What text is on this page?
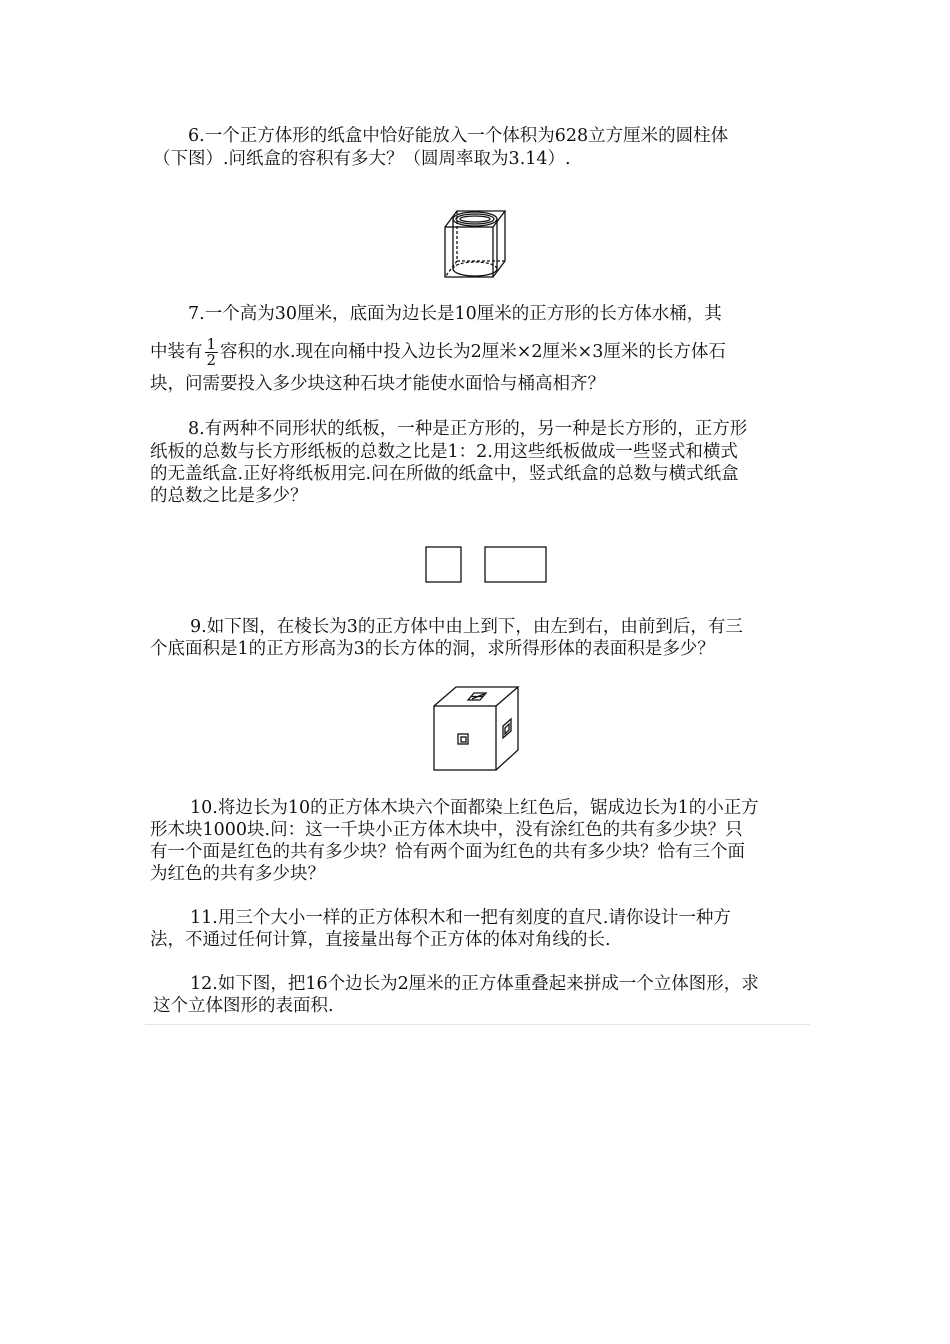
6.一个正方体形的纸盒中恰好能放入一个体积为628立方厘米的圆柱体

（下图）.问纸盒的容积有多大？（圆周率取为3.14）.

7.一个高为30厘米，底面为边长是10厘米的正方形的长方体水桶，其

中装有 $\frac{1}{2}$ 容积的水.现在向桶中投入边长为2厘米×2厘米×3厘米的长方体石

块，问需要投入多少块这种石块才能使水面恰与桶高相齐？

8.有两种不同形状的纸板，一种是正方形的，另一种是长方形的，正方形

纸板的总数与长方形纸板的总数之比是1：2.用这些纸板做成一些竖式和横式

的无盖纸盒.正好将纸板用完.问在所做的纸盒中，竖式纸盒的总数与横式纸盒

的总数之比是多少？

9.如下图，在棱长为3的正方体中由上到下，由左到右，由前到后，有三

个底面积是1的正方形高为3的长方体的洞，求所得形体的表面积是多少？

10.将边长为10的正方体木块六个面都染上红色后，锯成边长为1的小正方

形木块1000块.问：这一千块小正方体木块中，没有涂红色的共有多少块？只

有一个面是红色的共有多少块？恰有两个面为红色的共有多少块？恰有三个面

为红色的共有多少块？

11.用三个大小一样的正方体积木和一把有刻度的直尺.请你设计一种方

法，不通过任何计算，直接量出每个正方体的体对角线的长.

12.如下图，把16个边长为2厘米的正方体重叠起来拼成一个立体图形，求

这个立体图形的表面积.
